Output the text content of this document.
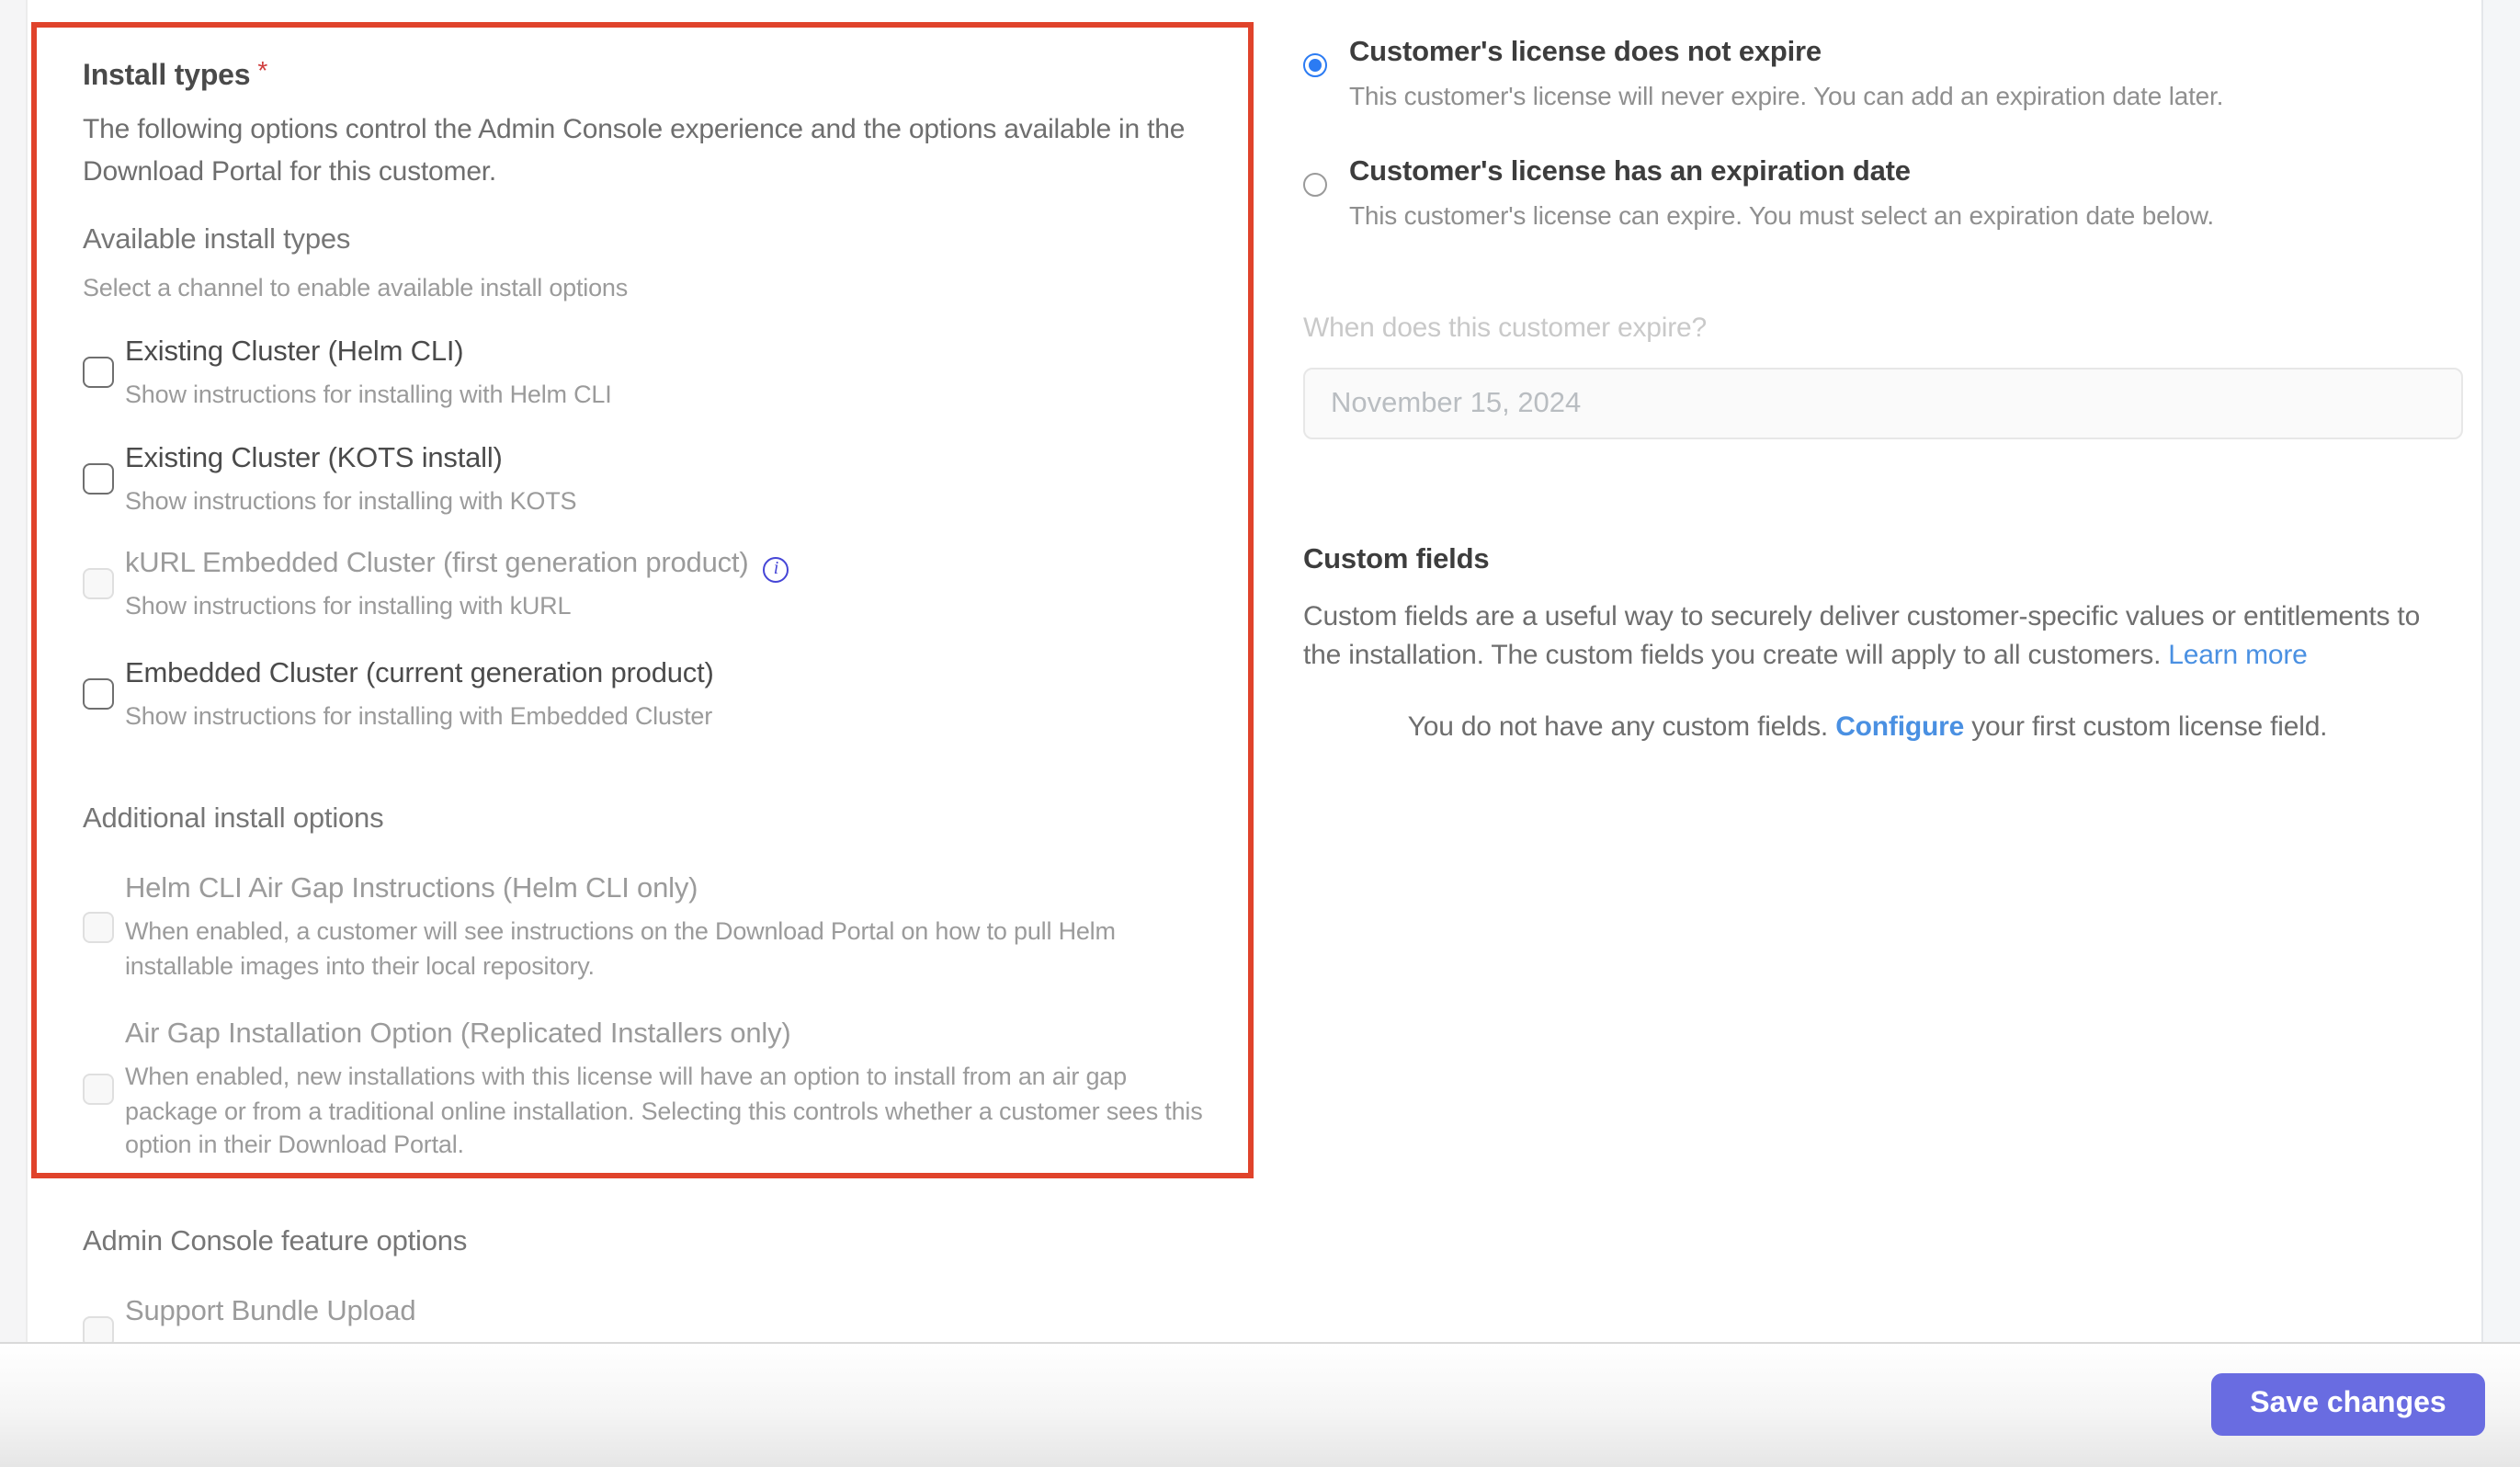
Install types *
The following options control the Admin Console experience and the options available in the Download Portal for this customer.
Available install types
Select a channel to enable available install options
Existing Cluster (Helm CLI)
Show instructions for installing with Helm CLI
Existing Cluster (KOTS install)
Show instructions for installing with KOTS
kURL Embedded Cluster (first generation product)	i
Show instructions for installing with kURL
Embedded Cluster (current generation product)
Show instructions for installing with Embedded Cluster
Additional install options
Helm CLI Air Gap Instructions (Helm CLI only)
When enabled, a customer will see instructions on the Download Portal on how to pull Helm installable images into their local repository.
Air Gap Installation Option (Replicated Installers only)
When enabled, new installations with this license will have an option to install from an air gap package or from a traditional online installation. Selecting this controls whether a customer sees this option in their Download Portal.
Admin Console feature options
Support Bundle Upload
Customer's license does not expire
This customer's license will never expire. You can add an expiration date later.
Customer's license has an expiration date
This customer's license can expire. You must select an expiration date below.
When does this customer expire?
November 15, 2024
Custom fields
Custom fields are a useful way to securely deliver customer-specific values or entitlements to the installation. The custom fields you create will apply to all customers. Learn more
You do not have any custom fields. Configure your first custom license field.
Save changes
